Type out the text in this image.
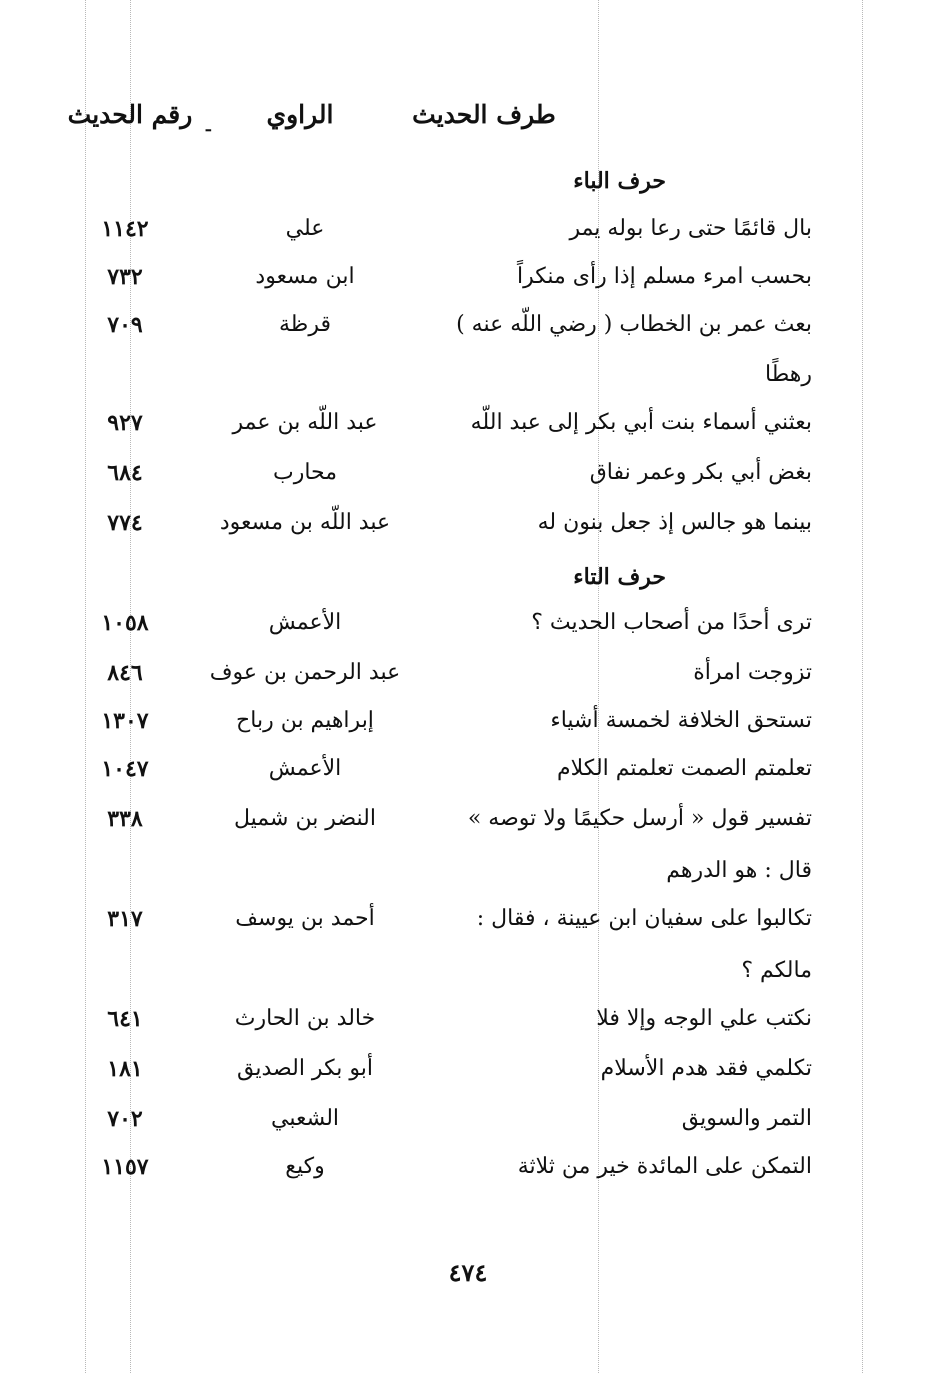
طرف الحديث
الراوي
ـ
رقم الحديث
حرف الباء
بال قائمًا حتى رعا بوله يمر
علي
١١٤٢
بحسب امرء مسلم إذا رأى منكراً
ابن مسعود
٧٣٢
بعث عمر بن الخطاب ( رضي اللّه عنه )
قرظة
٧٠٩
رهطًا
بعثني أسماء بنت أبي بكر إلى عبد اللّه
عبد اللّه بن عمر
٩٢٧
بغض أبي بكر وعمر نفاق
محارب
٦٨٤
بينما هو جالس إذ جعل بنون له
عبد اللّه بن مسعود
٧٧٤
حرف التاء
ترى أحدًا من أصحاب الحديث ؟
الأعمش
١٠٥٨
تزوجت امرأة
عبد الرحمن بن عوف
٨٤٦
تستحق الخلافة لخمسة أشياء
إبراهيم بن رباح
١٣٠٧
تعلمتم الصمت تعلمتم الكلام
الأعمش
١٠٤٧
تفسير قول « أرسل حكيمًا ولا توصه »
النضر بن شميل
٣٣٨
قال : هو الدرهم
تكالبوا على سفيان ابن عيينة ، فقال :
أحمد بن يوسف
٣١٧
مالكم ؟
نكتب علي الوجه وإلا فلا
خالد بن الحارث
٦٤١
تكلمي فقد هدم الأسلام
أبو بكر الصديق
١٨١
التمر والسويق
الشعبي
٧٠٢
التمكن على المائدة خير من ثلاثة
وكيع
١١٥٧
٤٧٤
